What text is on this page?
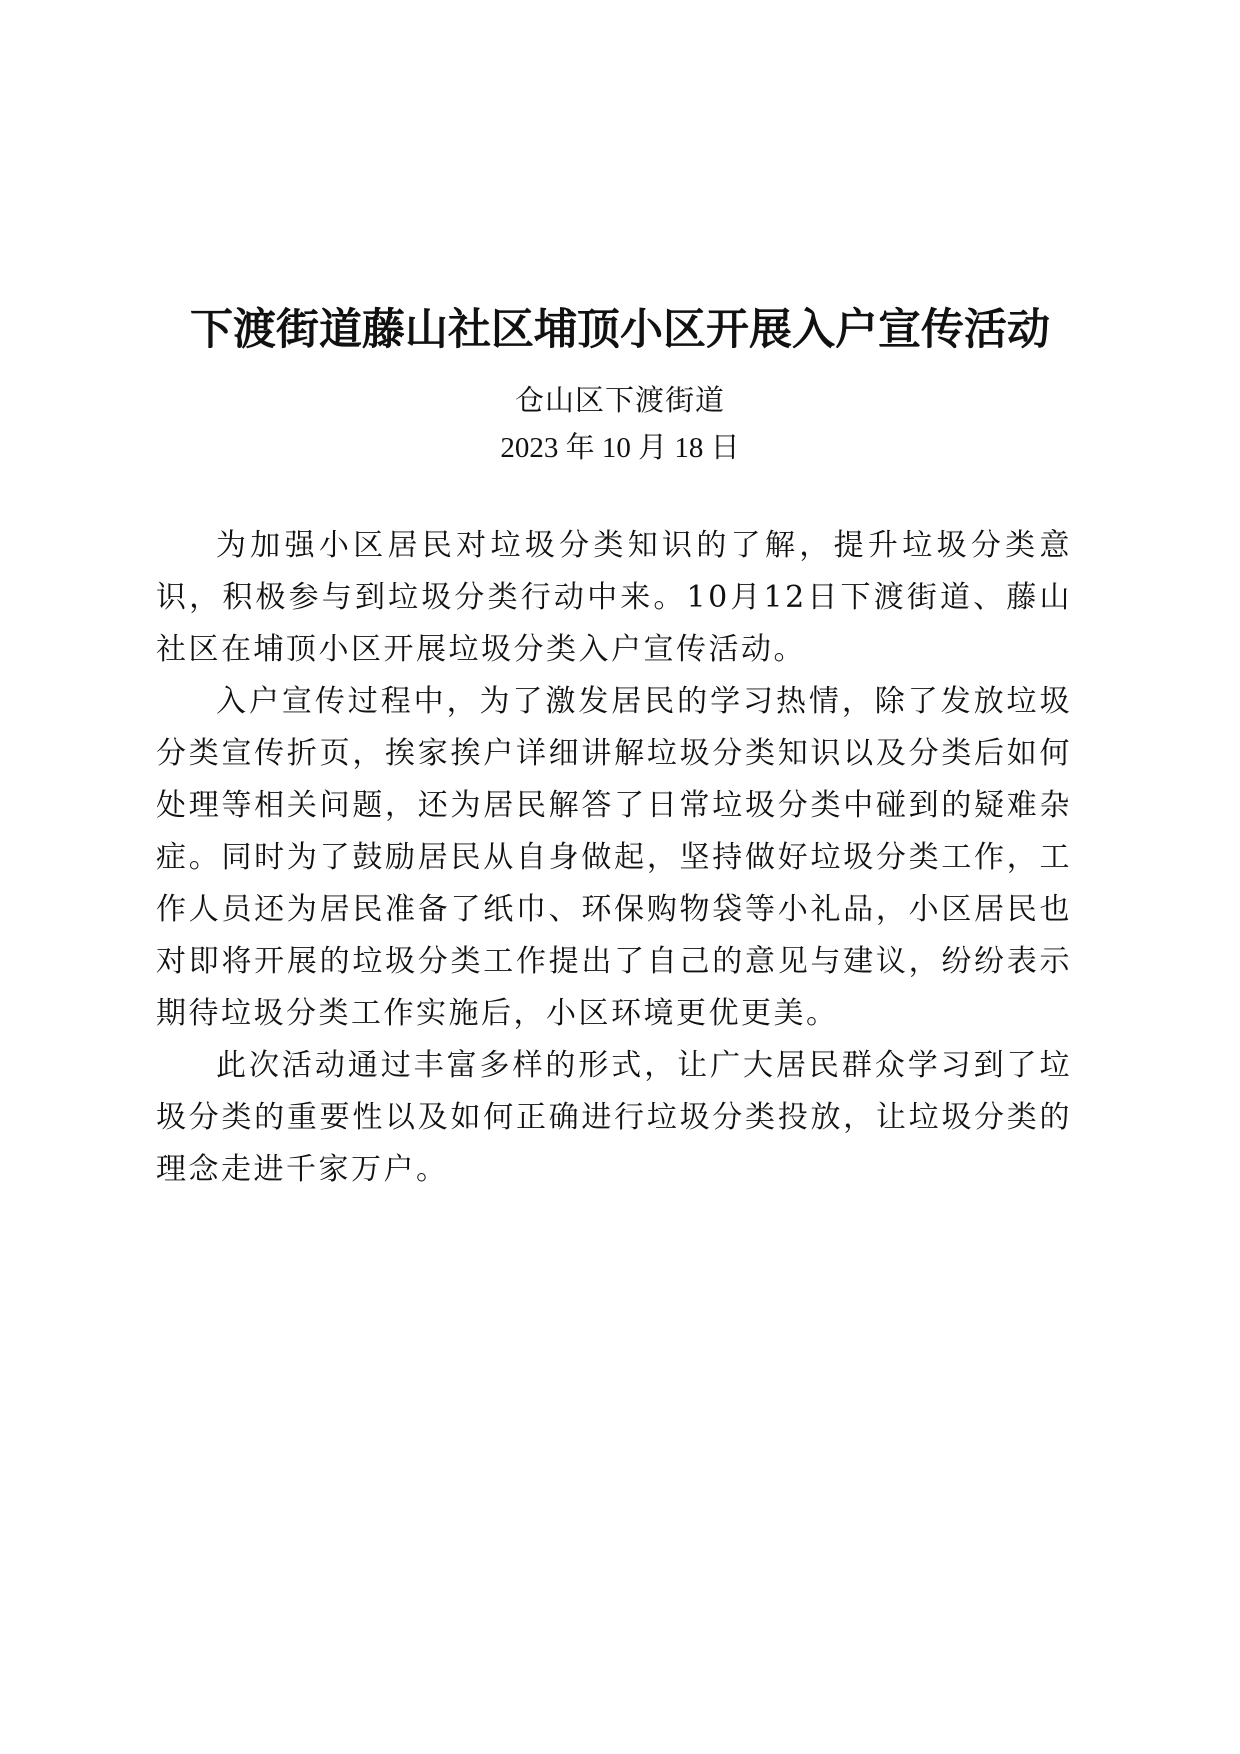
下渡街道藤山社区埔顶小区开展入户宣传活动
仓山区下渡街道
2023 年 10 月 18 日

为加强小区居民对垃圾分类知识的了解，提升垃圾分类意识，积极参与到垃圾分类行动中来。10月12日下渡街道、藤山社区在埔顶小区开展垃圾分类入户宣传活动。

入户宣传过程中，为了激发居民的学习热情，除了发放垃圾分类宣传折页，挨家挨户详细讲解垃圾分类知识以及分类后如何处理等相关问题，还为居民解答了日常垃圾分类中碰到的疑难杂症。同时为了鼓励居民从自身做起，坚持做好垃圾分类工作，工作人员还为居民准备了纸巾、环保购物袋等小礼品，小区居民也对即将开展的垃圾分类工作提出了自己的意见与建议，纷纷表示期待垃圾分类工作实施后，小区环境更优更美。

此次活动通过丰富多样的形式，让广大居民群众学习到了垃圾分类的重要性以及如何正确进行垃圾分类投放，让垃圾分类的理念走进千家万户。
